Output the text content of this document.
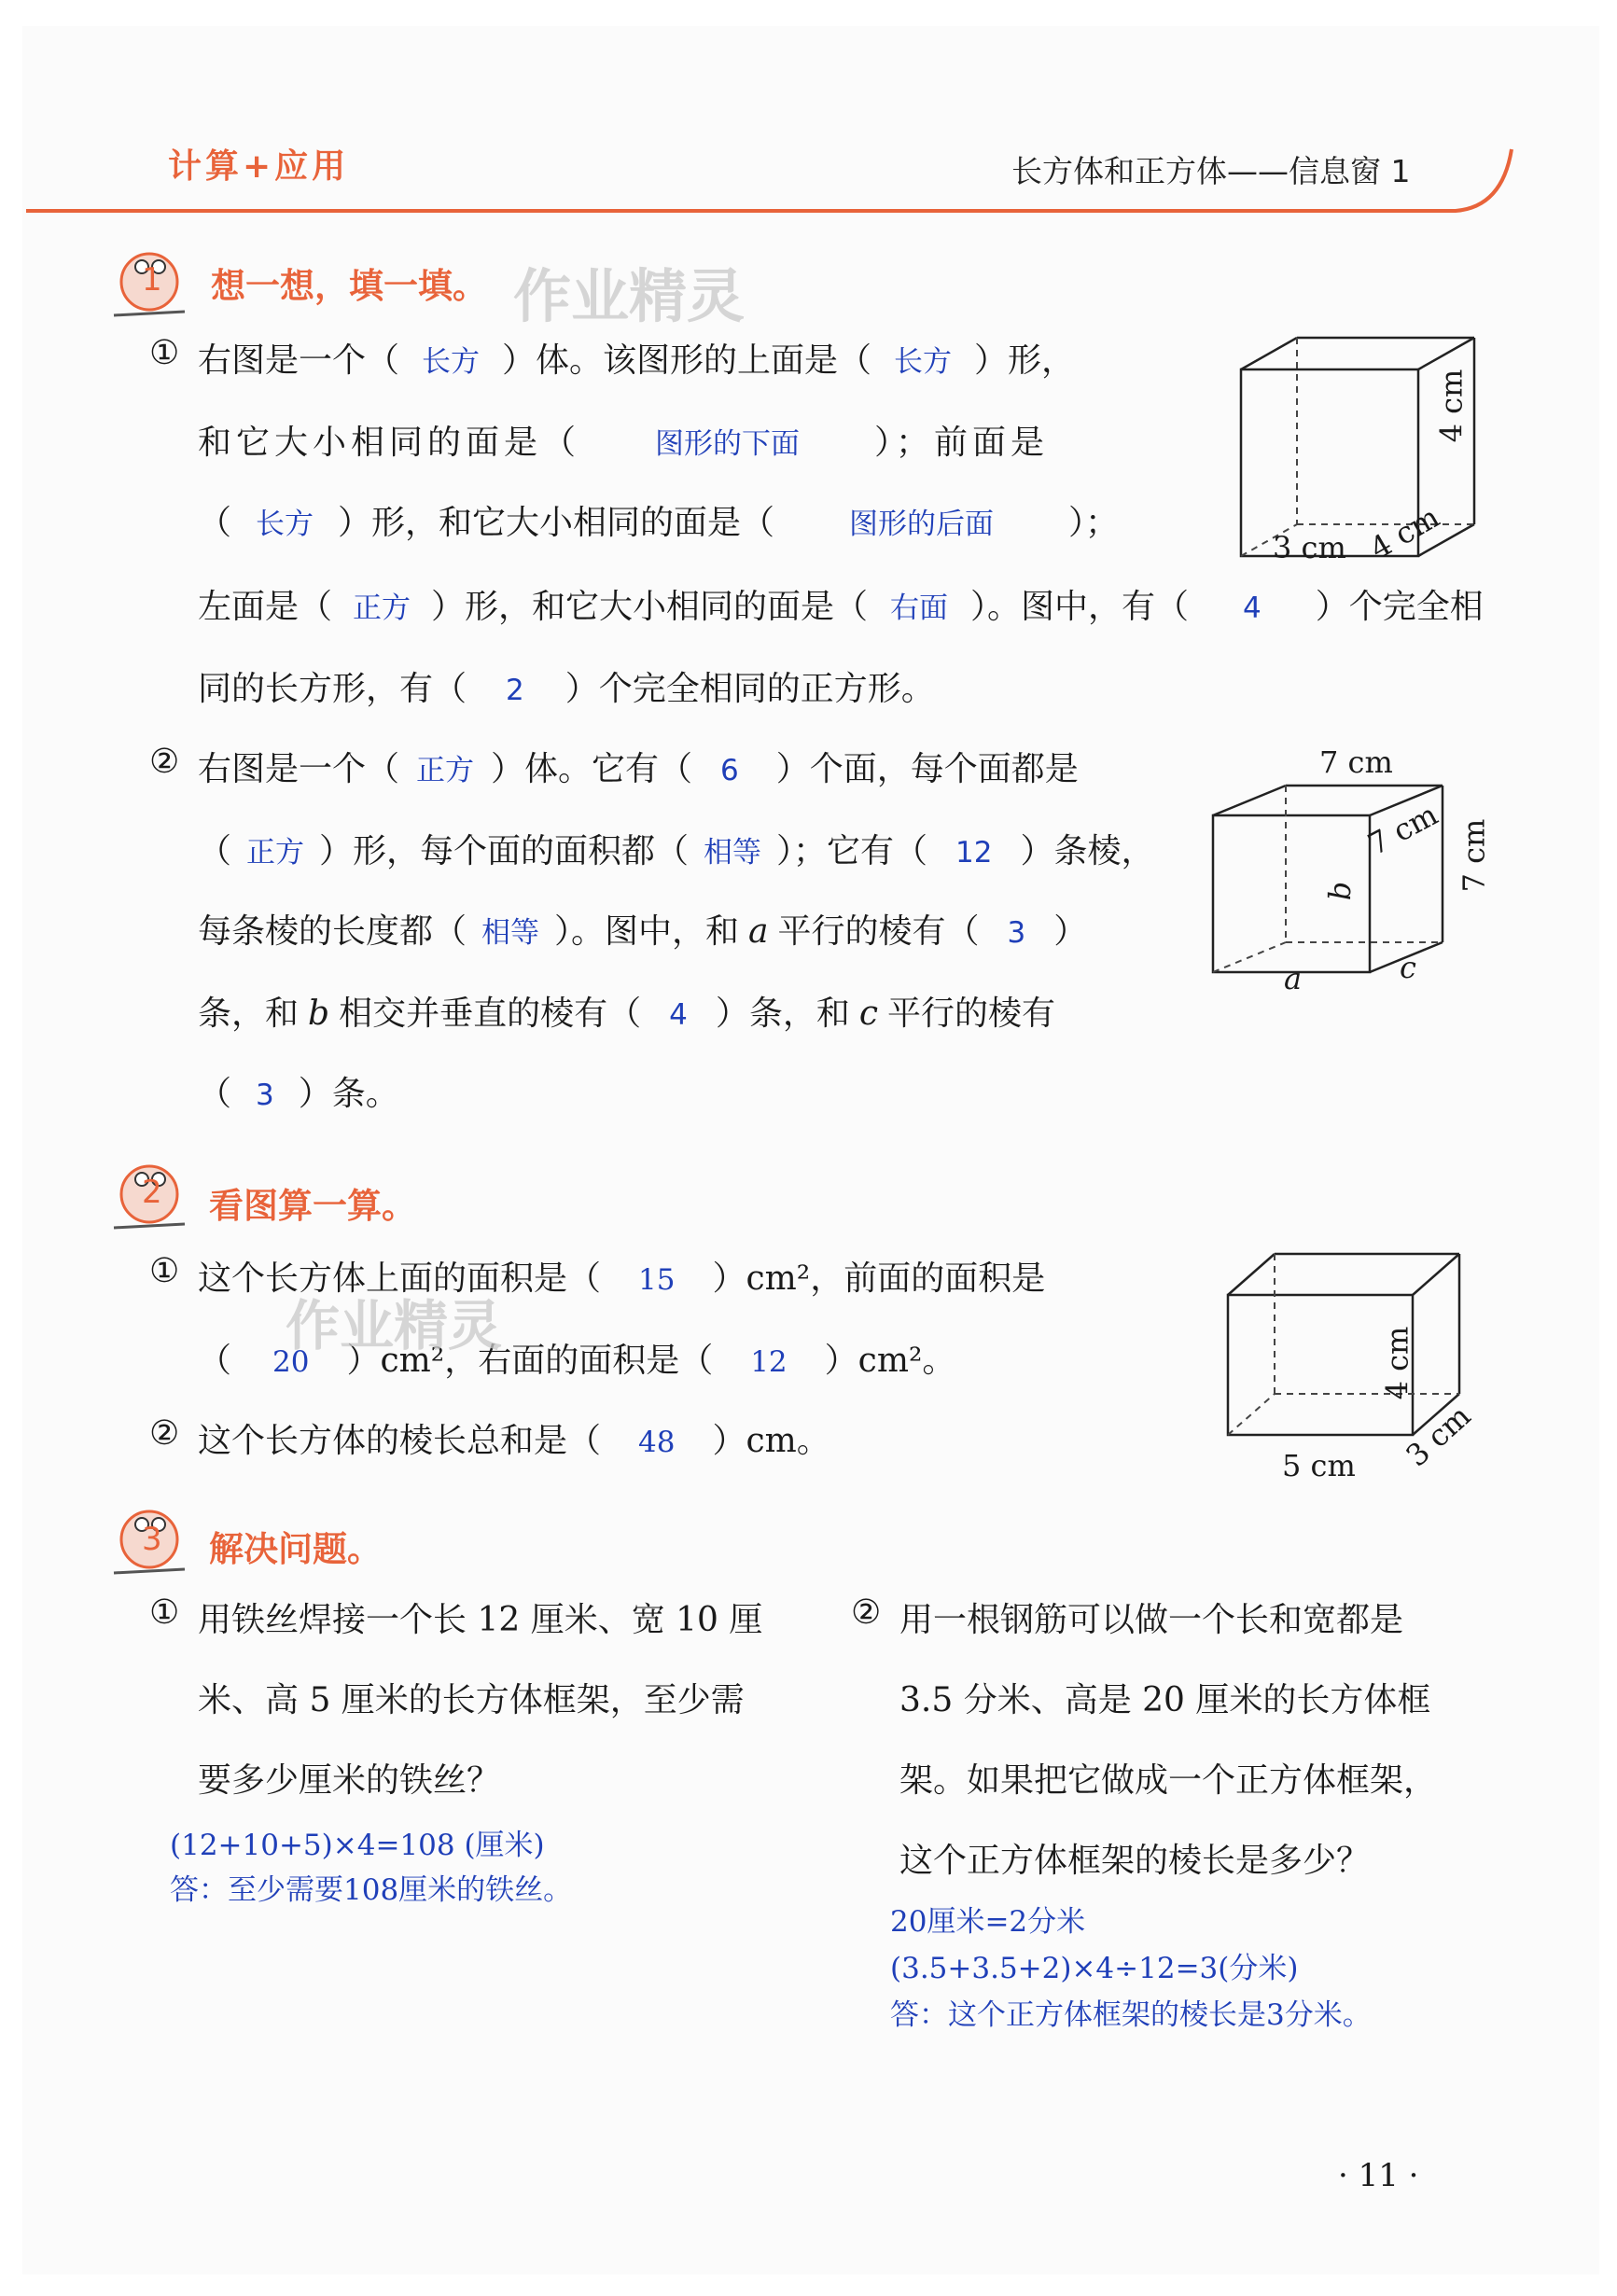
计算+应用	长方体和正方体——信息窗 1
1 想一想，填一填。 作业精灵
2 看图算一算。
3 解决问题。
① 右图是一个（ 长方 ）体。该图形的上面是（ 长方 ）形，
和它大小相同的面是（	图形的下面 ）；前面是
（ 长方 ）形，和它大小相同的面是（	图形的后面 ）；
左面是（ 正方 ）形，和它大小相同的面是（ 右面 ）。图中，有（ 4 ）个完全相
同的长方形，有（ 2 ）个完全相同的正方形。
3 cm 4 cm
4 cm
② 右图是一个（ 正方 ）体。它有（ 6 ）个面，每个面都是
（ 正方 ）形，每个面的面积都（ 相等 ）；它有（ 12 ）条棱，
每条棱的长度都（ 相等 ）。图中，和 a 平行的棱有（ 3 ）
条，和 b 相交并垂直的棱有（ 4 ）条，和 c 平行的棱有
（ 3 ）条。
7 cm
7 cm 7 cm
a
b
c
① 这个长方体上面的面积是（ 15 ）cm²，前面的面积是
（ 20 ）cm²，右面的面积是（ 12 ）cm²。
作业精灵
② 这个长方体的棱长总和是（ 48 ）cm。
5 cm 3 cm
4 cm
① 用铁丝焊接一个长 12 厘米、宽 10 厘
米、高 5 厘米的长方体框架，至少需
要多少厘米的铁丝？
(12+10+5)×4=108 (厘米)
答：至少需要108厘米的铁丝。
② 用一根钢筋可以做一个长和宽都是
3.5 分米、高是 20 厘米的长方体框
架。如果把它做成一个正方体框架，
这个正方体框架的棱长是多少？
20厘米=2分米
(3.5+3.5+2)×4÷12=3(分米)
答：这个正方体框架的棱长是3分米。
· 11 ·
